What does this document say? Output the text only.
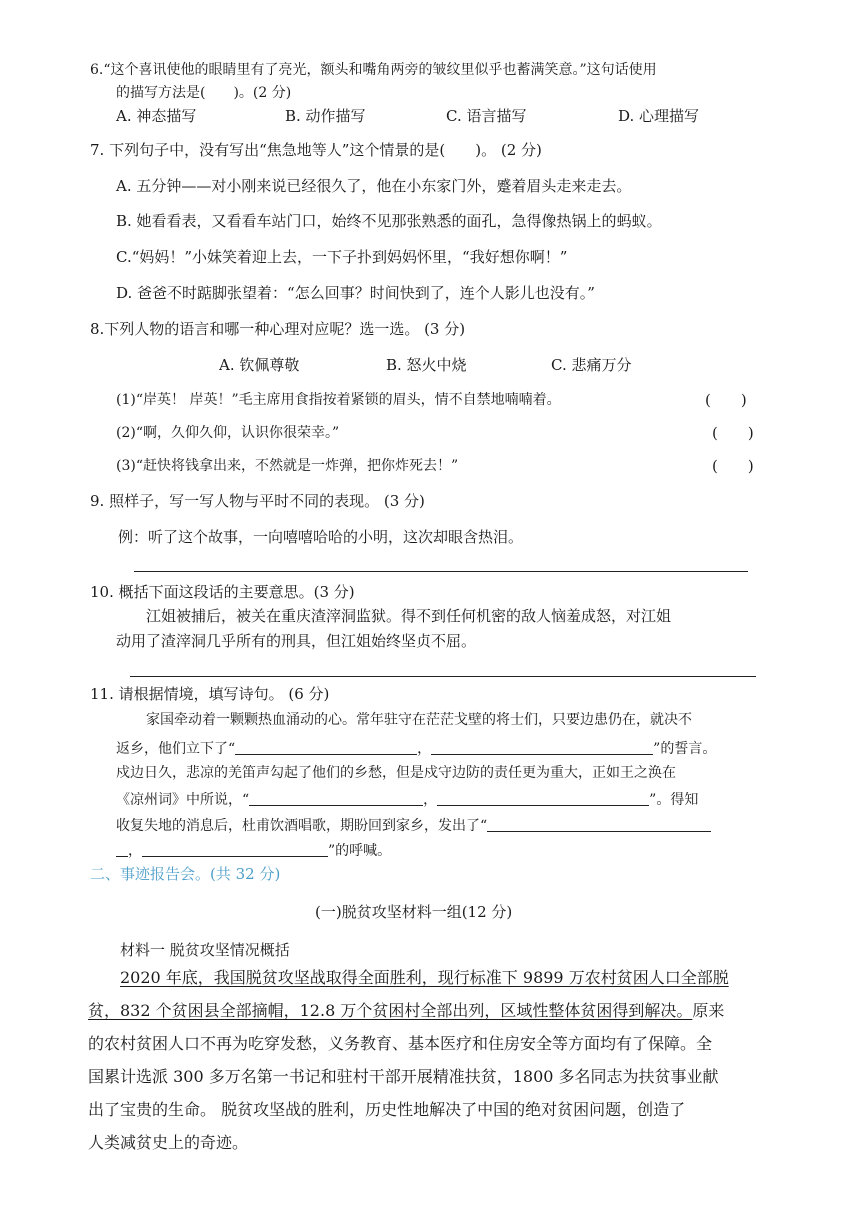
6.“这个喜讯使他的眼睛里有了亮光，额头和嘴角两旁的皱纹里似乎也蓄满笑意。”这句话使用
的描写方法是(　　)。(2 分)
A. 神态描写	B. 动作描写	C. 语言描写	D. 心理描写
7. 下列句子中，没有写出“焦急地等人”这个情景的是(　　)。 (2 分)
A. 五分钟——对小刚来说已经很久了，他在小东家门外，蹙着眉头走来走去。
B. 她看看表，又看看车站门口，始终不见那张熟悉的面孔，急得像热锅上的蚂蚁。
C.“妈妈！”小妹笑着迎上去，一下子扑到妈妈怀里，“我好想你啊！”
D. 爸爸不时踮脚张望着：“怎么回事？时间快到了，连个人影儿也没有。”
8.下列人物的语言和哪一种心理对应呢？选一选。 (3 分)
A. 钦佩尊敬	B. 怒火中烧	C. 悲痛万分
(1)“岸英！ 岸英！”毛主席用食指按着紧锁的眉头，情不自禁地喃喃着。	(　　)
(2)“啊，久仰久仰，认识你很荣幸。”	(　　)
(3)“赶快将钱拿出来，不然就是一炸弹，把你炸死去！”	(　　)
9. 照样子，写一写人物与平时不同的表现。 (3 分)
例：听了这个故事，一向嘻嘻哈哈的小明，这次却眼含热泪。
10. 概括下面这段话的主要意思。(3 分)
江姐被捕后，被关在重庆渣滓洞监狱。得不到任何机密的敌人恼羞成怒，对江姐
动用了渣滓洞几乎所有的刑具，但江姐始终坚贞不屈。
11. 请根据情境，填写诗句。 (6 分)
家国牵动着一颗颗热血涌动的心。常年驻守在茫茫戈壁的将士们，只要边患仍在，就决不
返乡，他们立下了“	，	”的誓言。
戍边日久，悲凉的羌笛声勾起了他们的乡愁，但是戍守边防的责任更为重大，正如王之涣在
《凉州词》中所说，“	，	”。得知
收复失地的消息后，杜甫饮酒唱歌，期盼回到家乡，发出了“
，	”的呼喊。
二、事迹报告会。(共 32 分)
(一)脱贫攻坚材料一组(12 分)
材料一 脱贫攻坚情况概括
2020 年底，我国脱贫攻坚战取得全面胜利，现行标准下 9899 万农村贫困人口全部脱
贫，832 个贫困县全部摘帽，12.8 万个贫困村全部出列，区域性整体贫困得到解决。原来
的农村贫困人口不再为吃穿发愁，义务教育、基本医疗和住房安全等方面均有了保障。全
国累计选派 300 多万名第一书记和驻村干部开展精准扶贫，1800 多名同志为扶贫事业献
出了宝贵的生命。 脱贫攻坚战的胜利，历史性地解决了中国的绝对贫困问题，创造了
人类减贫史上的奇迹。
